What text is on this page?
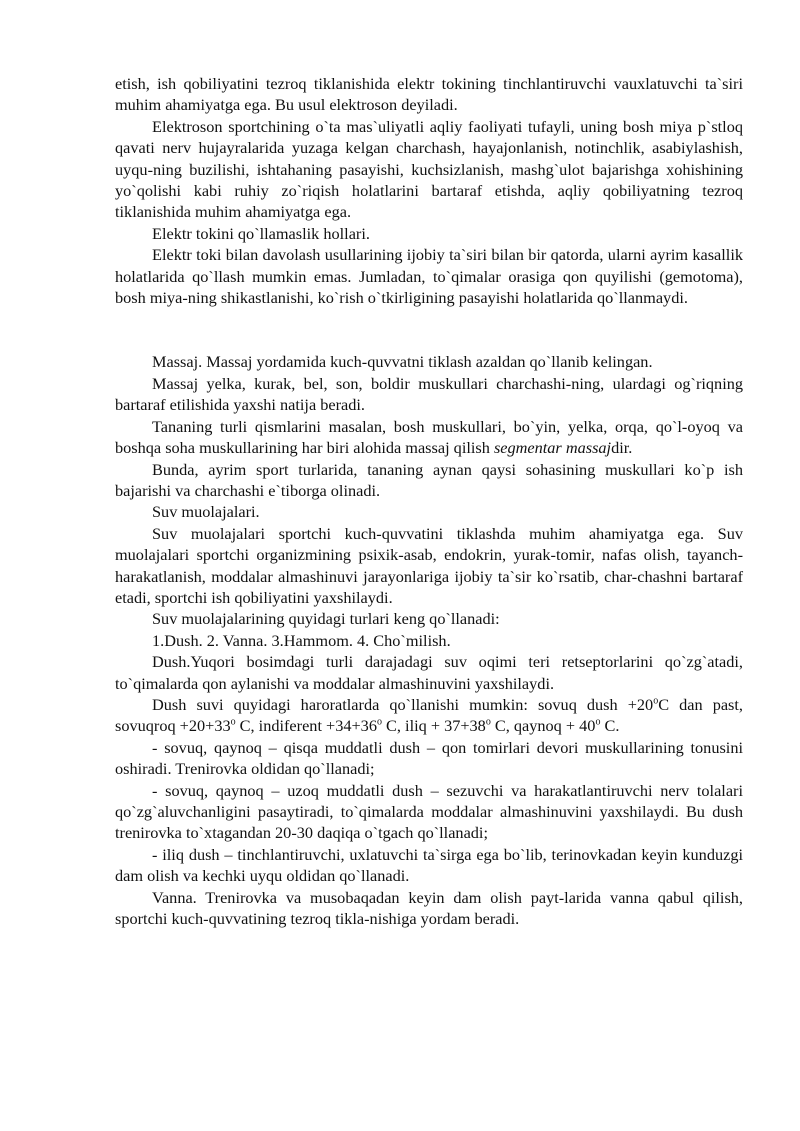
etish, ish qobiliyatini tezroq tiklanishida elektr tokining tinchlantiruvchi vauxlatuvchi ta`siri muhim ahamiyatga ega. Bu usul elektroson deyiladi.

Elektroson sportchining o`ta mas`uliyatli aqliy faoliyati tufayli, uning bosh miya p`stloq qavati nerv hujayralarida yuzaga kelgan charchash, hayajonlanish, notinchlik, asabiylashish, uyqu-ning buzilishi, ishtahaning pasayishi, kuchsizlanish, mashg`ulot bajarishga xohishining yo`qolishi kabi ruhiy zo`riqish holatlarini bartaraf etishda, aqliy qobiliyatning tezroq tiklanishida muhim ahamiyatga ega.

Elektr tokini qo`llamaslik hollari.

Elektr toki bilan davolash usullarining ijobiy ta`siri bilan bir qatorda, ularni ayrim kasallik holatlarida qo`llash mumkin emas. Jumladan, to`qimalar orasiga qon quyilishi (gemotoma), bosh miya-ning shikastlanishi, ko`rish o`tkirligining pasayishi holatlarida qo`llanmaydi.

Massaj. Massaj yordamida kuch-quvvatni tiklash azaldan qo`llanib kelingan.

Massaj yelka, kurak, bel, son, boldir muskullari charchashi-ning, ulardagi og`riqning bartaraf etilishida yaxshi natija beradi.

Tananing turli qismlarini masalan, bosh muskullari, bo`yin, yelka, orqa, qo`l-oyoq va boshqa soha muskullarining har biri alohida massaj qilish segmentar massajdir.

Bunda, ayrim sport turlarida, tananing aynan qaysi sohasining muskullari ko`p ish bajarishi va charchashi e`tiborga olinadi.

Suv muolajalari.

Suv muolajalari sportchi kuch-quvvatini tiklashda muhim ahamiyatga ega. Suv muolajalari sportchi organizmining psixik-asab, endokrin, yurak-tomir, nafas olish, tayanch-harakatlanish, moddalar almashinuvi jarayonlariga ijobiy ta`sir ko`rsatib, char-chashni bartaraf etadi, sportchi ish qobiliyatini yaxshilaydi.

Suv muolajalarining quyidagi turlari keng qo`llanadi:

1.Dush. 2. Vanna. 3.Hammom. 4. Cho`milish.

Dush.Yuqori bosimdagi turli darajadagi suv oqimi teri retseptorlarini qo`zg`atadi, to`qimalarda qon aylanishi va moddalar almashinuvini yaxshilaydi.

Dush suvi quyidagi haroratlarda qo`llanishi mumkin: sovuq dush $+20^oC$ dan past, sovuqroq $+20+33^o$ C, indiferent $+34+36^o$ C, iliq + $37+38^o$ C, qaynoq + $40^o$ C.

- sovuq, qaynoq – qisqa muddatli dush – qon tomirlari devori muskullarining tonusini oshiradi. Trenirovka oldidan qo`llanadi;

- sovuq, qaynoq – uzoq muddatli dush – sezuvchi va harakatlantiruvchi nerv tolalari qo`zg`aluvchanligini pasaytiradi, to`qimalarda moddalar almashinuvini yaxshilaydi. Bu dush trenirovka to`xtagandan 20-30 daqiqa o`tgach qo`llanadi;

- iliq dush – tinchlantiruvchi, uxlatuvchi ta`sirga ega bo`lib, terinovkadan keyin kunduzgi dam olish va kechki uyqu oldidan qo`llanadi.

Vanna. Trenirovka va musobaqadan keyin dam olish payt-larida vanna qabul qilish, sportchi kuch-quvvatining tezroq tikla-nishiga yordam beradi.
